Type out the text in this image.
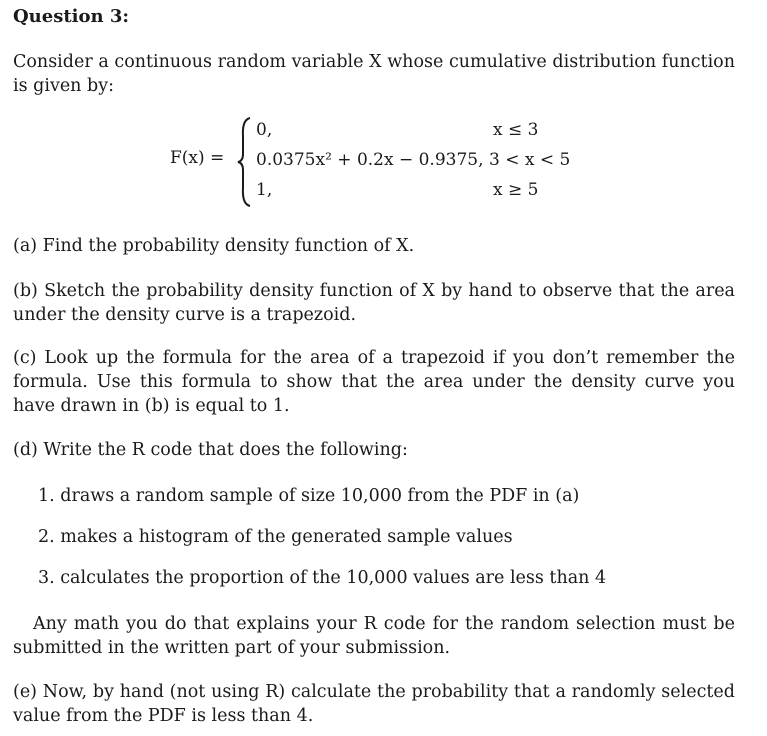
Question 3:
Consider a continuous random variable X whose cumulative distribution function is given by:
F(x) =
0,	x ≤ 3
0.0375x² + 0.2x − 0.9375, 3 < x < 5
1,	x ≥ 5
(a) Find the probability density function of X.
(b) Sketch the probability density function of X by hand to observe that the area under the density curve is a trapezoid.
(c) Look up the formula for the area of a trapezoid if you don’t remember the formula. Use this formula to show that the area under the density curve you have drawn in (b) is equal to 1.
(d) Write the R code that does the following:
1. draws a random sample of size 10,000 from the PDF in (a)
2. makes a histogram of the generated sample values
3. calculates the proportion of the 10,000 values are less than 4
Any math you do that explains your R code for the random selection must be submitted in the written part of your submission.
(e) Now, by hand (not using R) calculate the probability that a randomly selected value from the PDF is less than 4.
